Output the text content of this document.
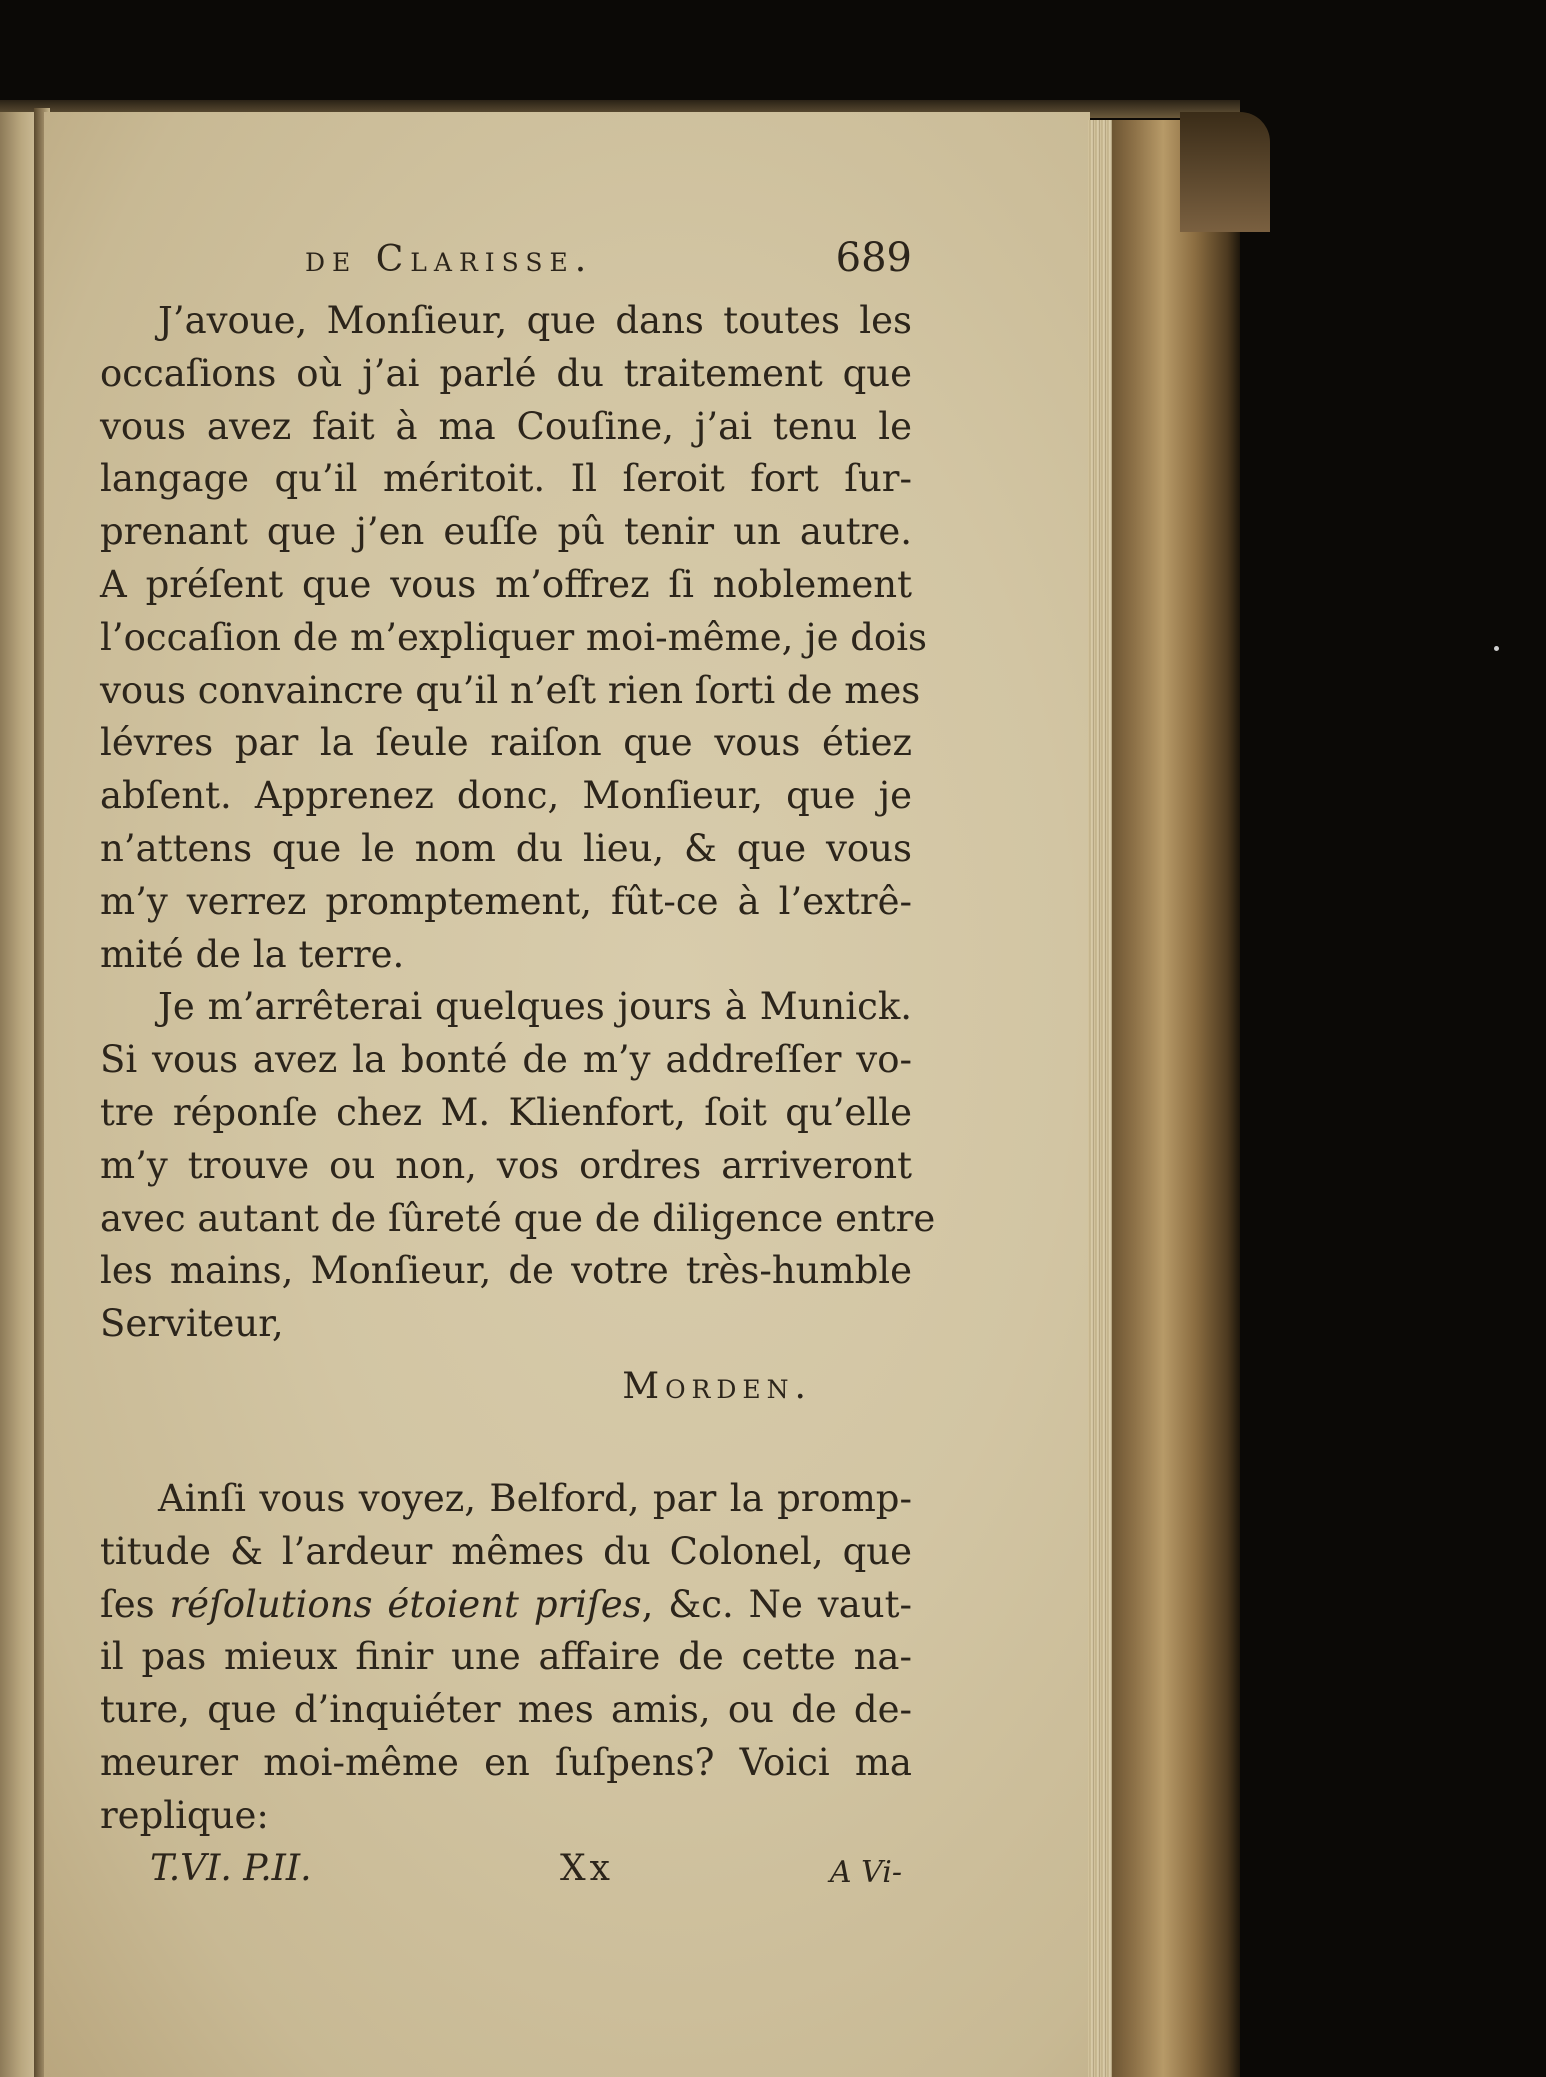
de Clarisse.	689
J’avoue, Monſieur, que dans toutes les
occaſions où j’ai parlé du traitement que
vous avez fait à ma Couſine, j’ai tenu le
langage qu’il méritoit. Il ſeroit fort ſur-
prenant que j’en euſſe pû tenir un autre.
A préſent que vous m’offrez ſi noblement
l’occaſion de m’expliquer moi-même, je dois
vous convaincre qu’il n’eſt rien ſorti de mes
lévres par la ſeule raiſon que vous étiez
abſent. Apprenez donc, Monſieur, que je
n’attens que le nom du lieu, & que vous
m’y verrez promptement, fût-ce à l’extrê-
mité de la terre.
Je m’arrêterai quelques jours à Munick.
Si vous avez la bonté de m’y addreſſer vo-
tre réponſe chez M. Klienfort, ſoit qu’elle
m’y trouve ou non, vos ordres arriveront
avec autant de ſûreté que de diligence entre
les mains, Monſieur, de votre très-humble
Serviteur,
Morden.
Ainſi vous voyez, Belford, par la promp-
titude & l’ardeur mêmes du Colonel, que
ſes réſolutions étoient priſes, &c. Ne vaut-
il pas mieux finir une affaire de cette na-
ture, que d’inquiéter mes amis, ou de de-
meurer moi-même en ſuſpens? Voici ma
replique:
T.VI. P.II.	Xx	A Vi-
